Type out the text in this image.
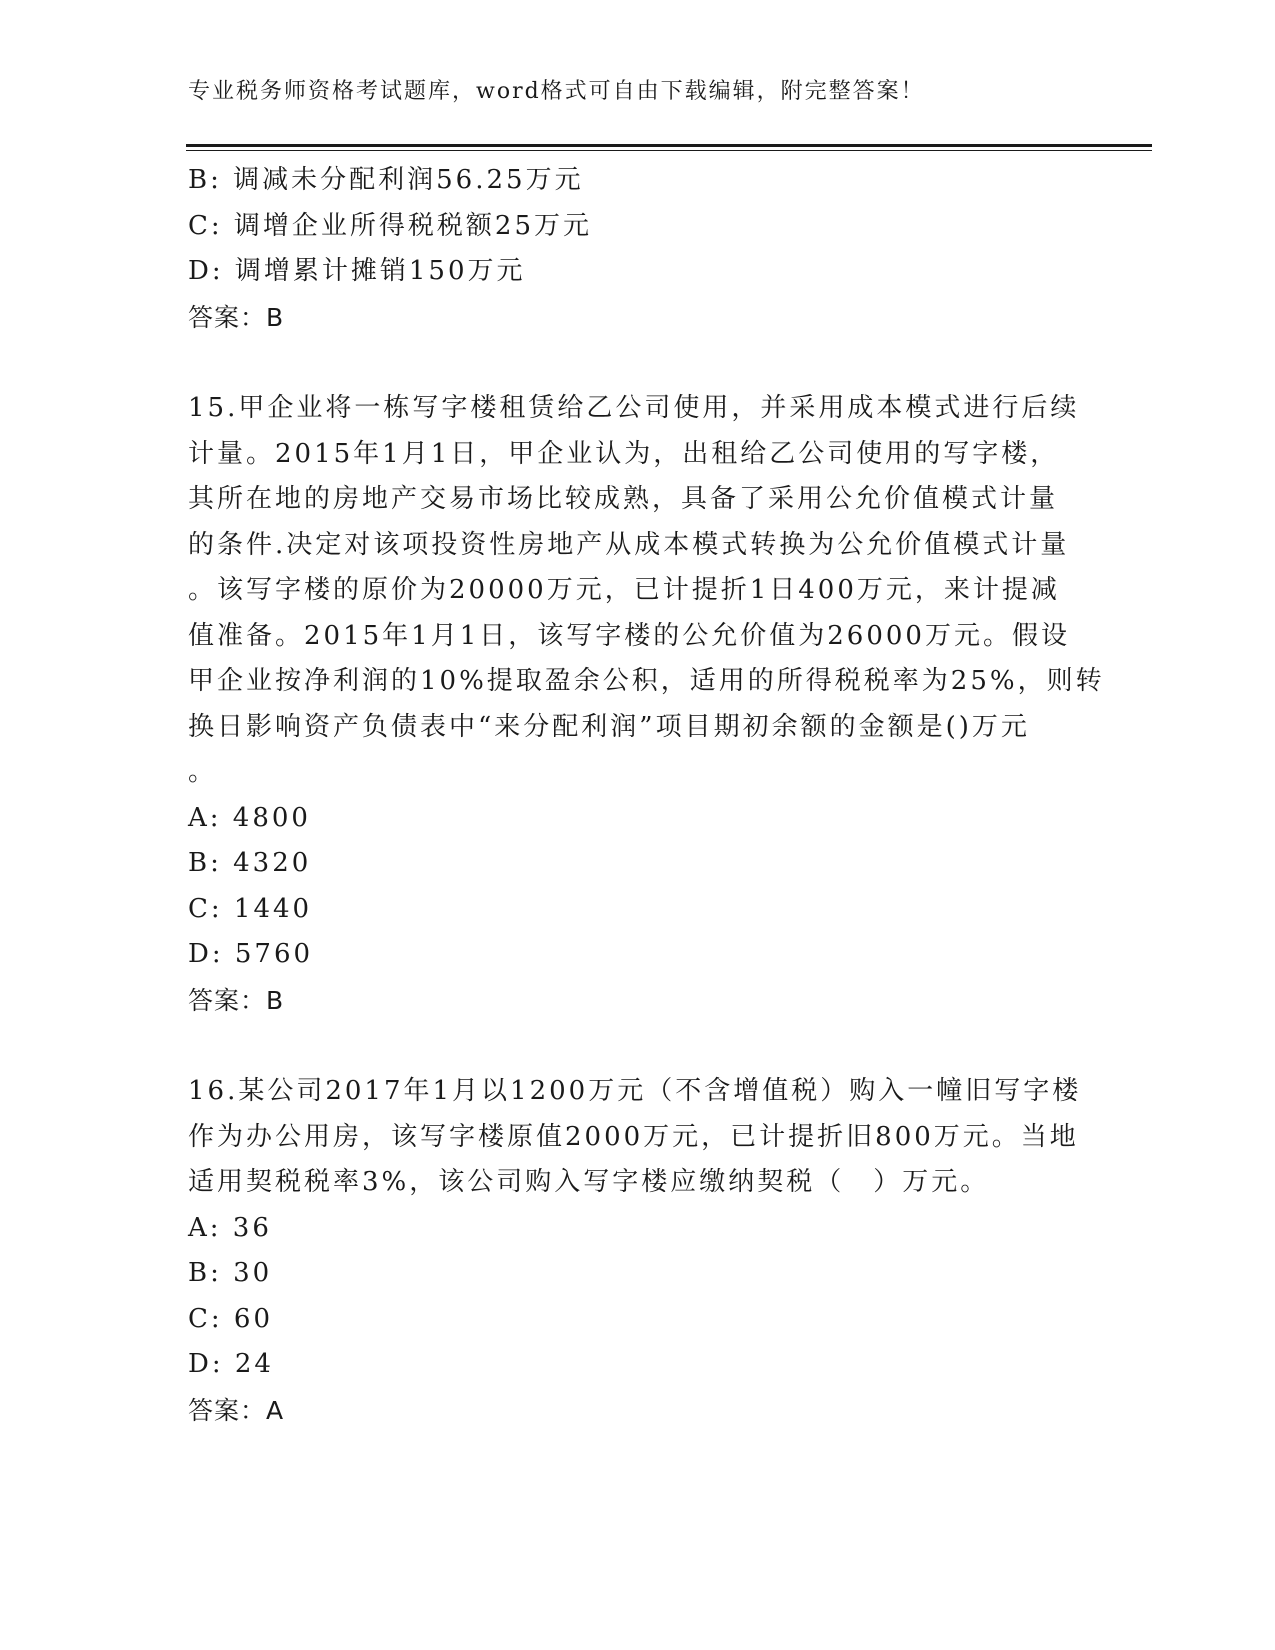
专业税务师资格考试题库，word格式可自由下载编辑，附完整答案！
B: 调减未分配利润56.25万元
C: 调增企业所得税税额25万元
D: 调增累计摊销150万元
答案：B
15.甲企业将一栋写字楼租赁给乙公司使用，并采用成本模式进行后续
计量。2015年1月1日，甲企业认为，出租给乙公司使用的写字楼，
其所在地的房地产交易市场比较成熟，具备了采用公允价值模式计量
的条件.决定对该项投资性房地产从成本模式转换为公允价值模式计量
。该写字楼的原价为20000万元，已计提折1日400万元，来计提减
值准备。2015年1月1日，该写字楼的公允价值为26000万元。假设
甲企业按净利润的10%提取盈余公积，适用的所得税税率为25%，则转
换日影响资产负债表中“来分配利润”项目期初余额的金额是()万元
。
A: 4800
B: 4320
C: 1440
D: 5760
答案：B
16.某公司2017年1月以1200万元（不含增值税）购入一幢旧写字楼
作为办公用房，该写字楼原值2000万元，已计提折旧800万元。当地
适用契税税率3%，该公司购入写字楼应缴纳契税（　）万元。
A: 36
B: 30
C: 60
D: 24
答案：A
